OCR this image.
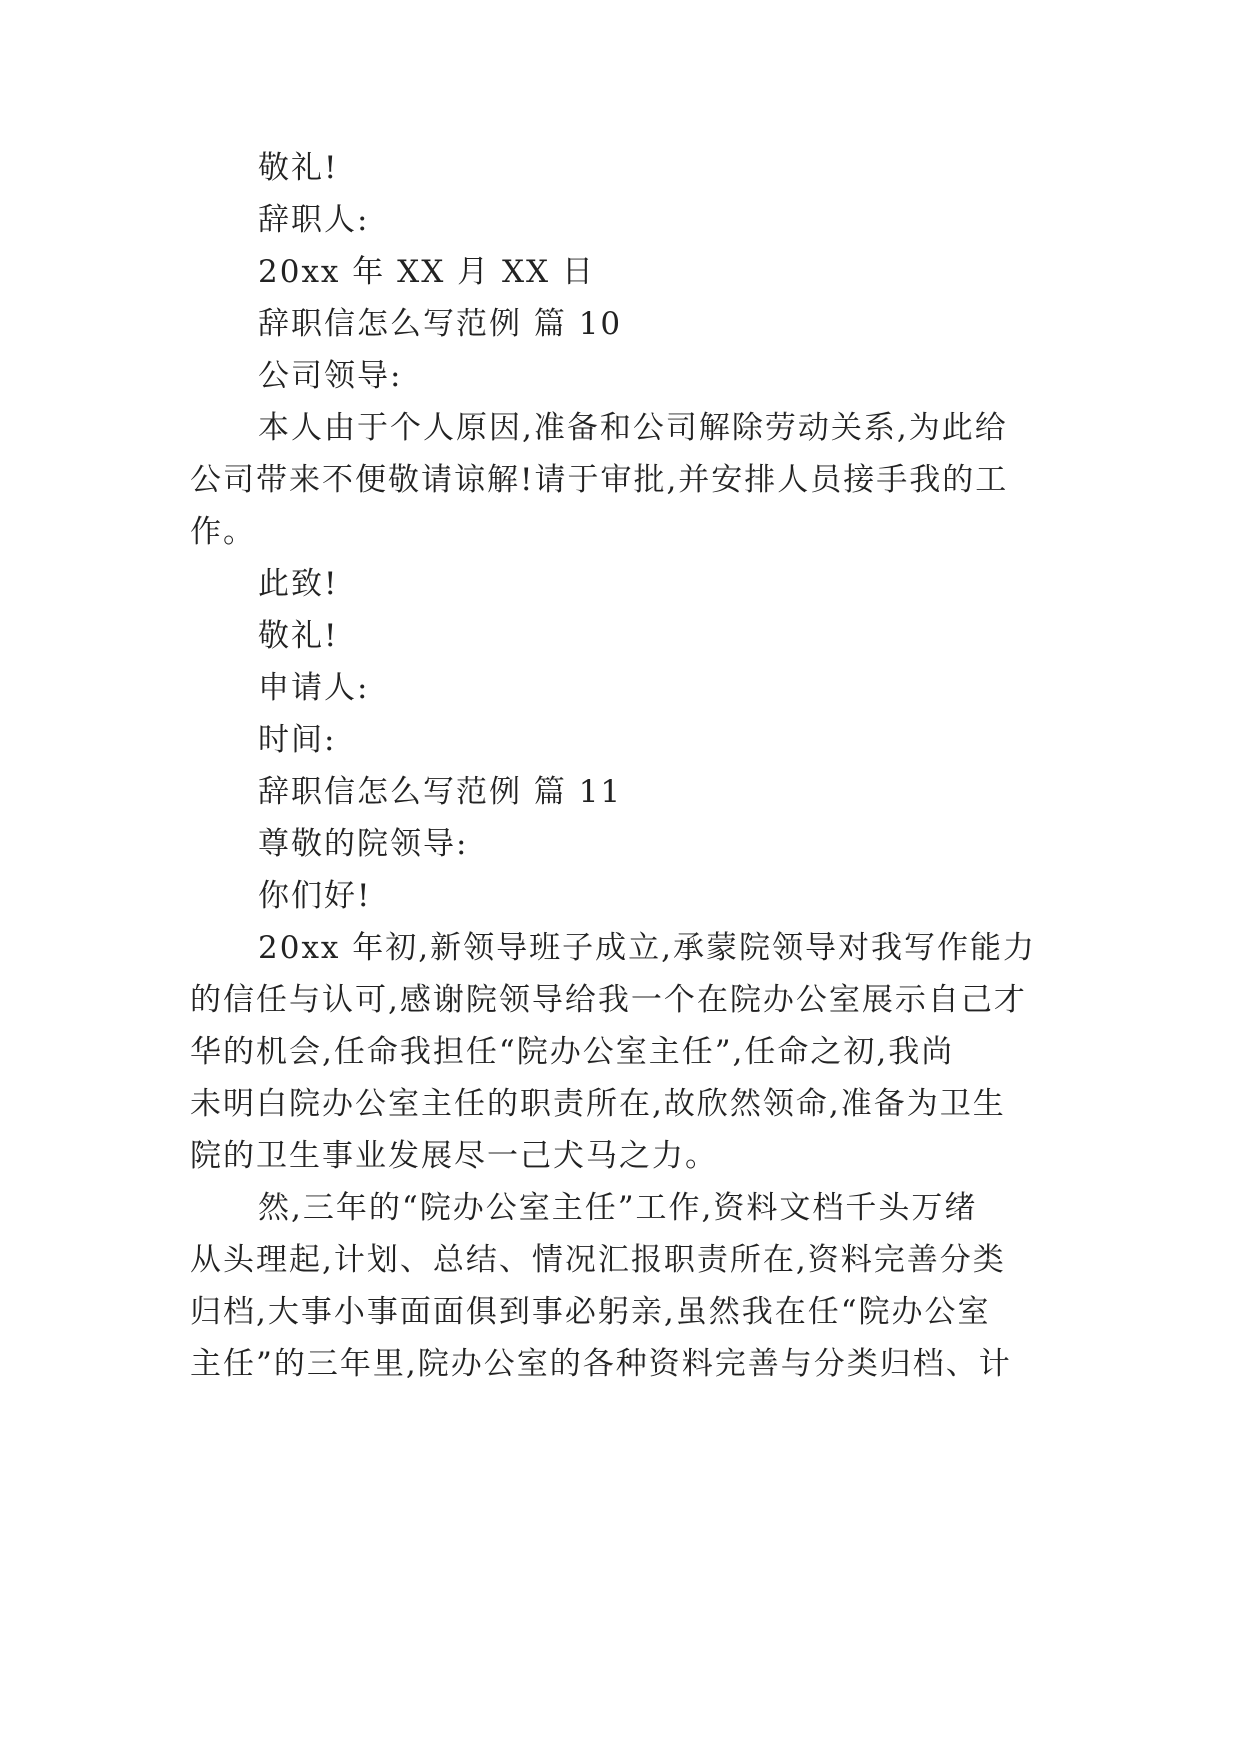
敬礼!
辞职人:
20xx 年 XX 月 XX 日
辞职信怎么写范例 篇 10
公司领导:
本人由于个人原因,准备和公司解除劳动关系,为此给
公司带来不便敬请谅解!请于审批,并安排人员接手我的工
作。
此致!
敬礼!
申请人:
时间:
辞职信怎么写范例 篇 11
尊敬的院领导:
你们好!
20xx 年初,新领导班子成立,承蒙院领导对我写作能力
的信任与认可,感谢院领导给我一个在院办公室展示自己才
华的机会,任命我担任“院办公室主任”,任命之初,我尚
未明白院办公室主任的职责所在,故欣然领命,准备为卫生
院的卫生事业发展尽一己犬马之力。
然,三年的“院办公室主任”工作,资料文档千头万绪
从头理起,计划、总结、情况汇报职责所在,资料完善分类
归档,大事小事面面俱到事必躬亲,虽然我在任“院办公室
主任”的三年里,院办公室的各种资料完善与分类归档、计
